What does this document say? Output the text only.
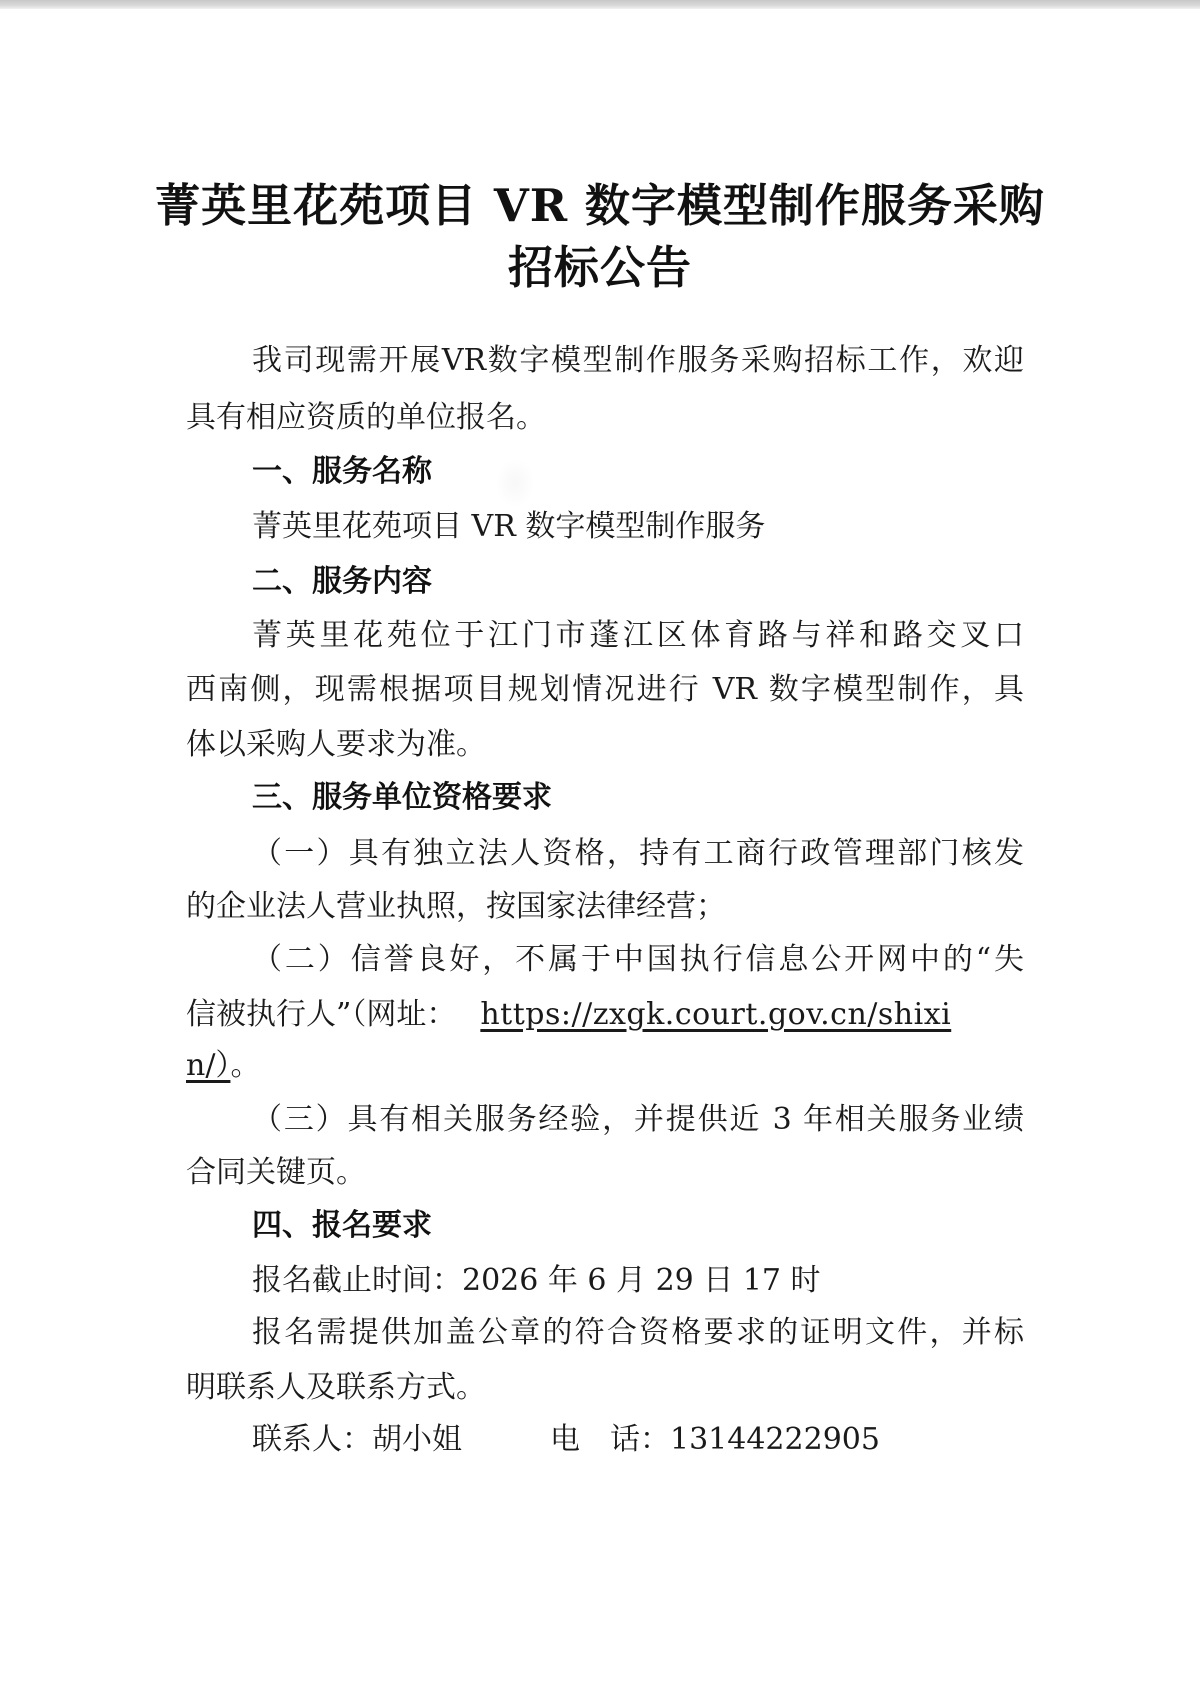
菁英里花苑项目 VR 数字模型制作服务采购
招标公告
我司现需开展VR数字模型制作服务采购招标工作，欢迎
具有相应资质的单位报名。
一、服务名称
菁英里花苑项目 VR 数字模型制作服务
二、服务内容
菁英里花苑位于江门市蓬江区体育路与祥和路交叉口
西南侧，现需根据项目规划情况进行 VR 数字模型制作，具
体以采购人要求为准。
三、服务单位资格要求
（一）具有独立法人资格，持有工商行政管理部门核发
的企业法人营业执照，按国家法律经营；
（二）信誉良好，不属于中国执行信息公开网中的“失
信被执行人”（网址： https://zxgk.court.gov.cn/shixi
n/）。
（三）具有相关服务经验，并提供近 3 年相关服务业绩
合同关键页。
四、报名要求
报名截止时间：2026 年 6 月 29 日 17 时
报名需提供加盖公章的符合资格要求的证明文件，并标
明联系人及联系方式。
联系人：胡小姐	电　话：13144222905
